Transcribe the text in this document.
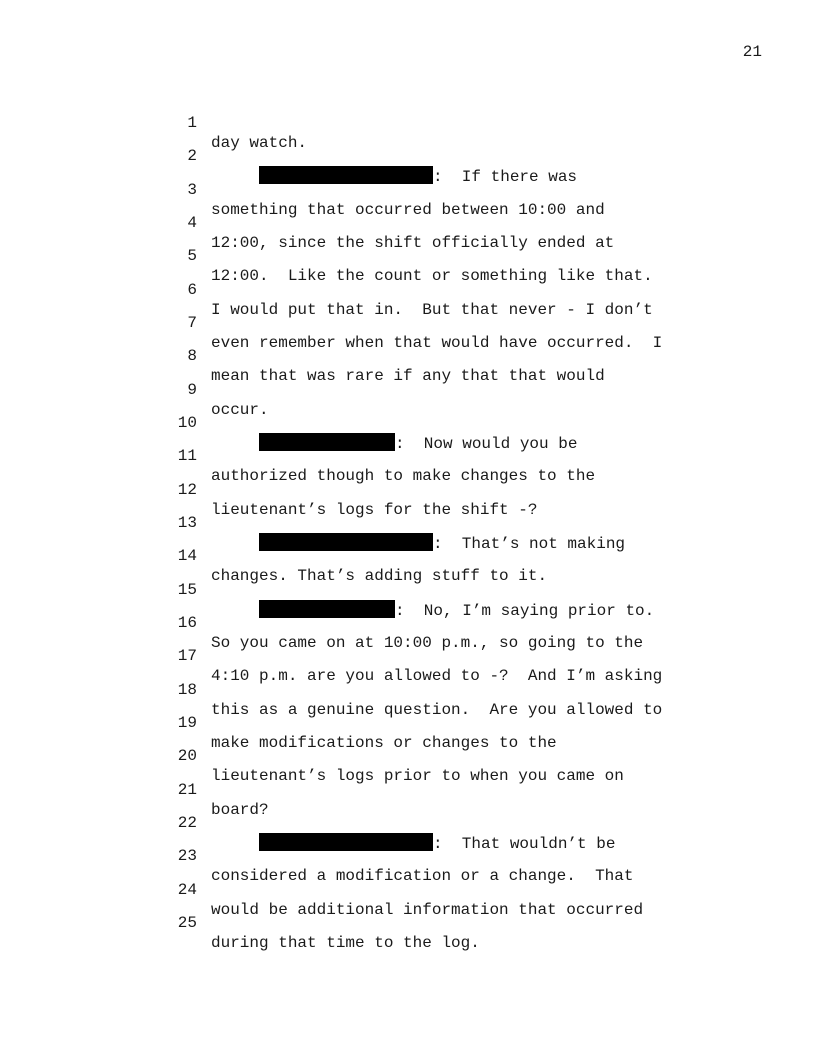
21

1

day watch.

2

:  If there was

3

something that occurred between 10:00 and

4

12:00, since the shift officially ended at

5

12:00.  Like the count or something like that.

6

I would put that in.  But that never - I don’t

7

even remember when that would have occurred.  I

8

mean that was rare if any that that would

9

occur.

10

:  Now would you be

11

authorized though to make changes to the

12

lieutenant’s logs for the shift -?

13

:  That’s not making

14

changes. That’s adding stuff to it.

15

:  No, I’m saying prior to.

16

So you came on at 10:00 p.m., so going to the

17

4:10 p.m. are you allowed to -?  And I’m asking

18

this as a genuine question.  Are you allowed to

19

make modifications or changes to the

20

lieutenant’s logs prior to when you came on

21

board?

22

:  That wouldn’t be

23

considered a modification or a change.  That

24

would be additional information that occurred

25

during that time to the log.
